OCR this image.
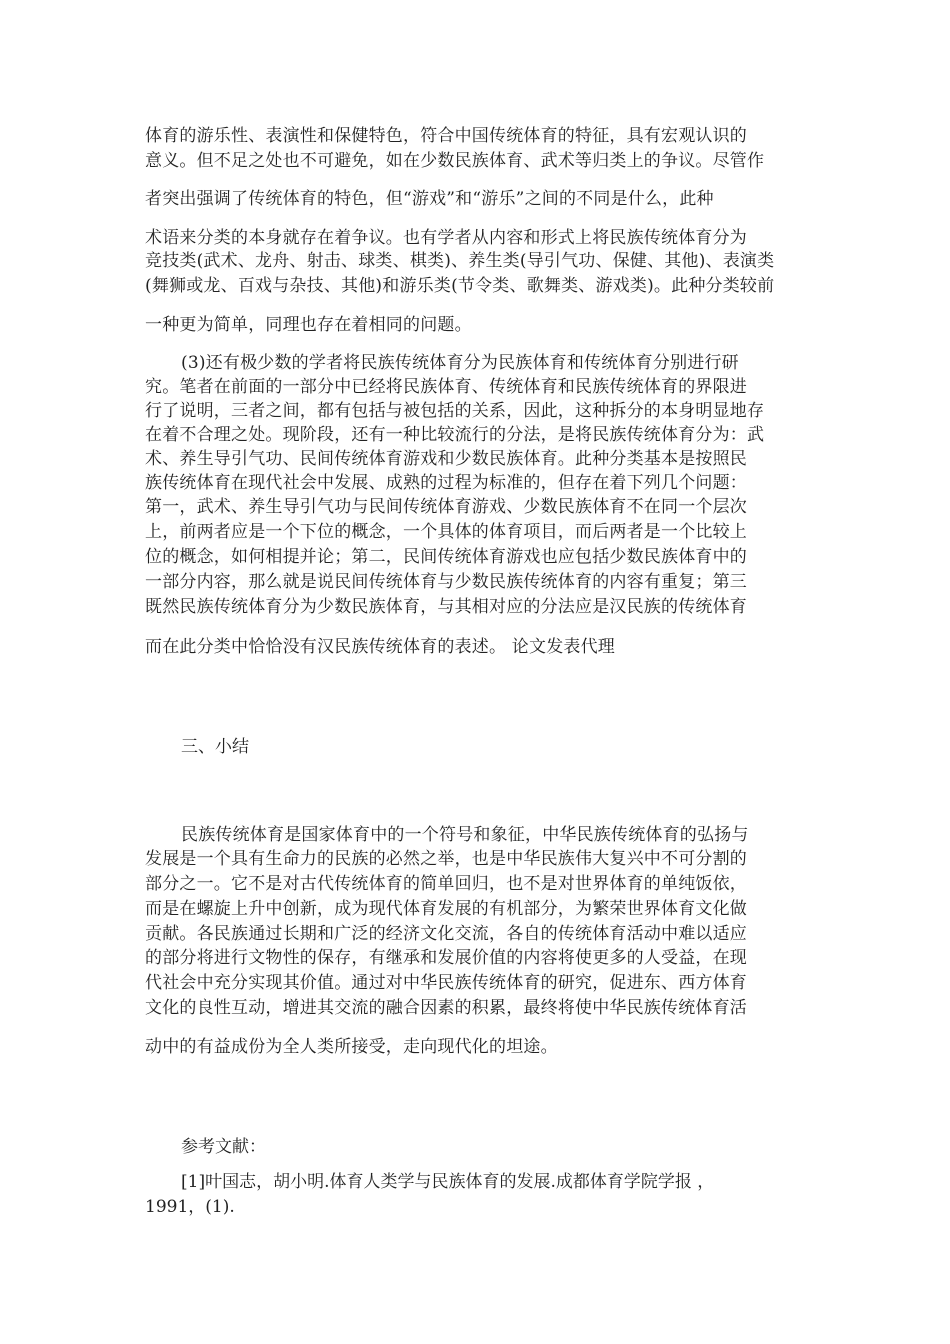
体育的游乐性、表演性和保健特色，符合中国传统体育的特征，具有宏观认识的
意义。但不足之处也不可避免，如在少数民族体育、武术等归类上的争议。尽管作
者突出强调了传统体育的特色，但“游戏”和“游乐”之间的不同是什么，此种
术语来分类的本身就存在着争议。也有学者从内容和形式上将民族传统体育分为
竞技类(武术、龙舟、射击、球类、棋类)、养生类(导引气功、保健、其他)、表演类
(舞狮或龙、百戏与杂技、其他)和游乐类(节令类、歌舞类、游戏类)。此种分类较前
一种更为简单，同理也存在着相同的问题。
(3)还有极少数的学者将民族传统体育分为民族体育和传统体育分别进行研
究。笔者在前面的一部分中已经将民族体育、传统体育和民族传统体育的界限进
行了说明，三者之间，都有包括与被包括的关系，因此，这种拆分的本身明显地存
在着不合理之处。现阶段，还有一种比较流行的分法，是将民族传统体育分为：武
术、养生导引气功、民间传统体育游戏和少数民族体育。此种分类基本是按照民
族传统体育在现代社会中发展、成熟的过程为标准的，但存在着下列几个问题：
第一，武术、养生导引气功与民间传统体育游戏、少数民族体育不在同一个层次
上，前两者应是一个下位的概念，一个具体的体育项目，而后两者是一个比较上
位的概念，如何相提并论；第二，民间传统体育游戏也应包括少数民族体育中的
一部分内容，那么就是说民间传统体育与少数民族传统体育的内容有重复；第三
既然民族传统体育分为少数民族体育，与其相对应的分法应是汉民族的传统体育
而在此分类中恰恰没有汉民族传统体育的表述。 论文发表代理
三、小结
民族传统体育是国家体育中的一个符号和象征，中华民族传统体育的弘扬与
发展是一个具有生命力的民族的必然之举，也是中华民族伟大复兴中不可分割的
部分之一。它不是对古代传统体育的简单回归，也不是对世界体育的单纯饭依，
而是在螺旋上升中创新，成为现代体育发展的有机部分，为繁荣世界体育文化做
贡献。各民族通过长期和广泛的经济文化交流，各自的传统体育活动中难以适应
的部分将进行文物性的保存，有继承和发展价值的内容将使更多的人受益，在现
代社会中充分实现其价值。通过对中华民族传统体育的研究，促进东、西方体育
文化的良性互动，增进其交流的融合因素的积累，最终将使中华民族传统体育活
动中的有益成份为全人类所接受，走向现代化的坦途。
参考文献：
[1]叶国志，胡小明.体育人类学与民族体育的发展.成都体育学院学报 ，
1991，(1).
